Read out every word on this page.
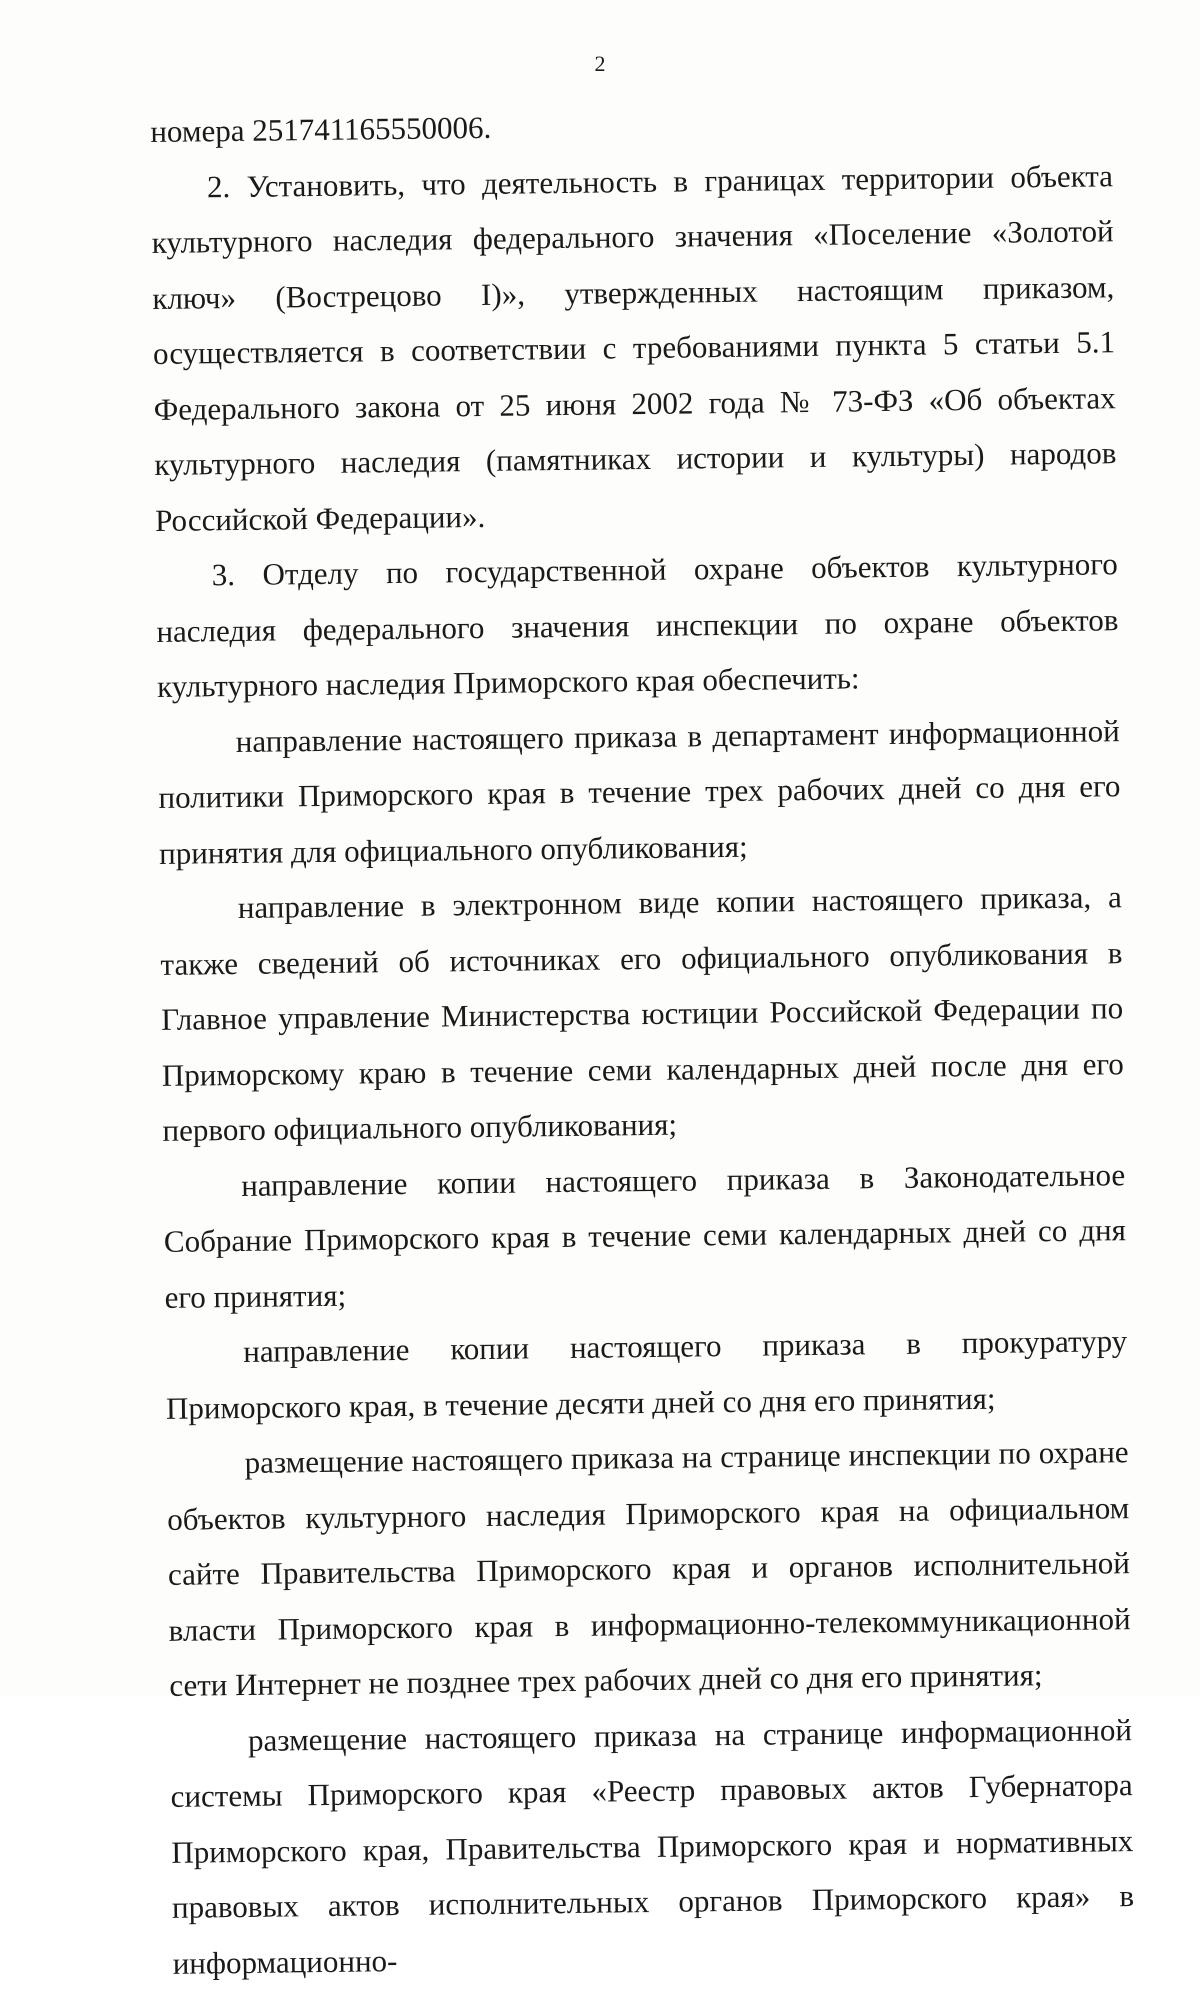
2

номера 251741165550006.

2. Установить, что деятельность в границах территории объекта культурного наследия федерального значения «Поселение «Золотой ключ» (Вострецово I)», утвержденных настоящим приказом, осуществляется в соответствии с требованиями пункта 5 статьи 5.1 Федерального закона от 25 июня 2002 года № 73-ФЗ «Об объектах культурного наследия (памятниках истории и культуры) народов Российской Федерации».

3. Отделу по государственной охране объектов культурного наследия федерального значения инспекции по охране объектов культурного наследия Приморского края обеспечить:

направление настоящего приказа в департамент информационной политики Приморского края в течение трех рабочих дней со дня его принятия для официального опубликования;

направление в электронном виде копии настоящего приказа, а также сведений об источниках его официального опубликования в Главное управление Министерства юстиции Российской Федерации по Приморскому краю в течение семи календарных дней после дня его первого официального опубликования;

направление копии настоящего приказа в Законодательное Собрание Приморского края в течение семи календарных дней со дня его принятия;

направление копии настоящего приказа в прокуратуру Приморского края, в течение десяти дней со дня его принятия;

размещение настоящего приказа на странице инспекции по охране объектов культурного наследия Приморского края на официальном сайте Правительства Приморского края и органов исполнительной власти Приморского края в информационно-телекоммуникационной сети Интернет не позднее трех рабочих дней со дня его принятия;

размещение настоящего приказа на странице информационной системы Приморского края «Реестр правовых актов Губернатора Приморского края, Правительства Приморского края и нормативных правовых актов исполнительных органов Приморского края» в информационно-
